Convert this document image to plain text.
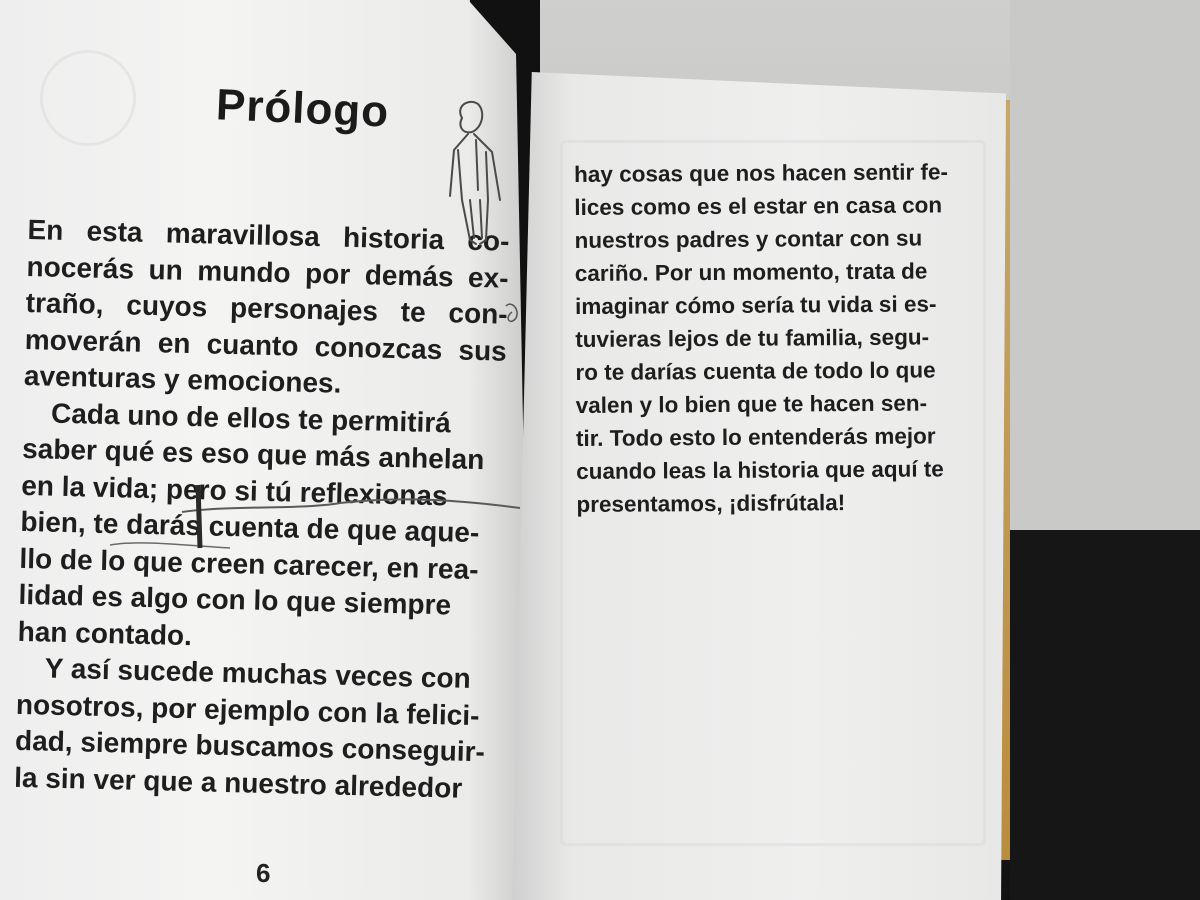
Prólogo
En esta maravillosa historia co-
nocerás un mundo por demás ex-
traño, cuyos personajes te con-
moverán en cuanto conozcas sus
aventuras y emociones.
Cada uno de ellos te permitirá
saber qué es eso que más anhelan
en la vida; pero si tú reflexionas
bien, te darás cuenta de que aque-
llo de lo que creen carecer, en rea-
lidad es algo con lo que siempre
han contado.
Y así sucede muchas veces con
nosotros, por ejemplo con la felici-
dad, siempre buscamos conseguir-
la sin ver que a nuestro alrededor
6
hay cosas que nos hacen sentir fe-
lices como es el estar en casa con
nuestros padres y contar con su
cariño. Por un momento, trata de
imaginar cómo sería tu vida si es-
tuvieras lejos de tu familia, segu-
ro te darías cuenta de todo lo que
valen y lo bien que te hacen sen-
tir. Todo esto lo entenderás mejor
cuando leas la historia que aquí te
presentamos, ¡disfrútala!
